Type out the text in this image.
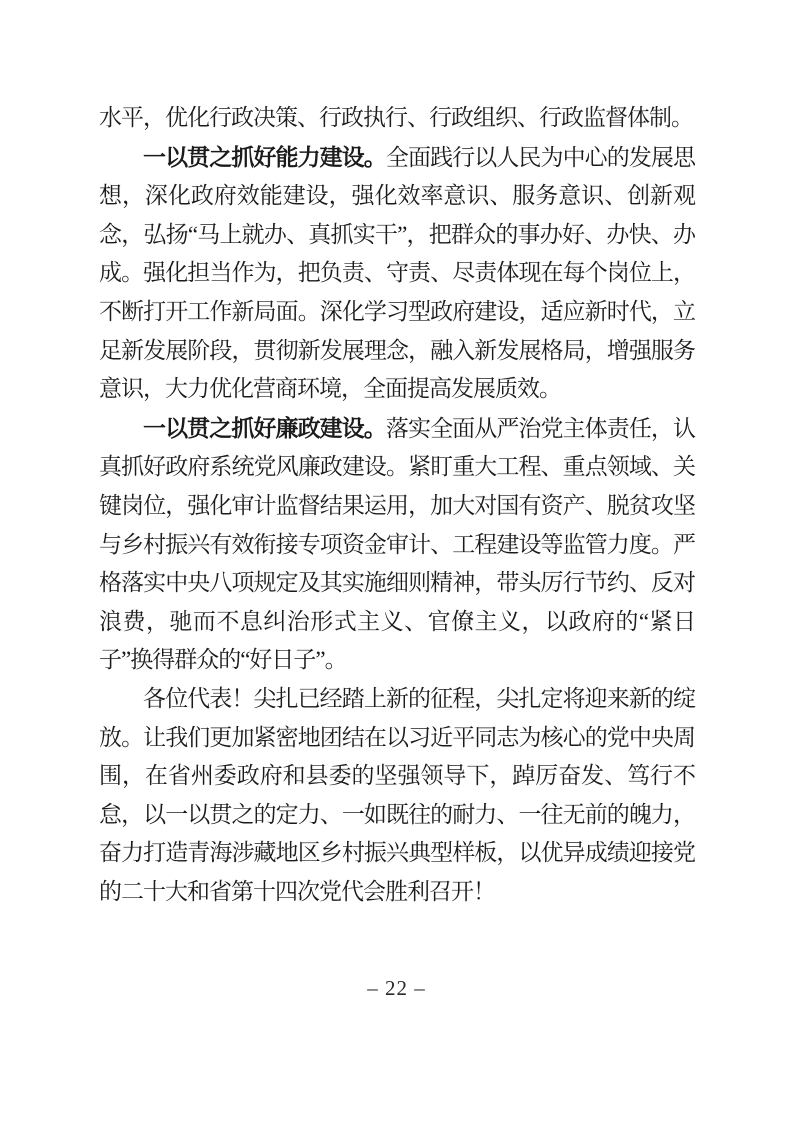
水平，优化行政决策、行政执行、行政组织、行政监督体制。

一以贯之抓好能力建设。全面践行以人民为中心的发展思想，深化政府效能建设，强化效率意识、服务意识、创新观念，弘扬“马上就办、真抓实干”，把群众的事办好、办快、办成。强化担当作为，把负责、守责、尽责体现在每个岗位上，不断打开工作新局面。深化学习型政府建设，适应新时代，立足新发展阶段，贯彻新发展理念，融入新发展格局，增强服务意识，大力优化营商环境，全面提高发展质效。

一以贯之抓好廉政建设。落实全面从严治党主体责任，认真抓好政府系统党风廉政建设。紧盯重大工程、重点领域、关键岗位，强化审计监督结果运用，加大对国有资产、脱贫攻坚与乡村振兴有效衔接专项资金审计、工程建设等监管力度。严格落实中央八项规定及其实施细则精神，带头厉行节约、反对浪费，驰而不息纠治形式主义、官僚主义，以政府的“紧日子”换得群众的“好日子”。

各位代表！尖扎已经踏上新的征程，尖扎定将迎来新的绽放。让我们更加紧密地团结在以习近平同志为核心的党中央周围，在省州委政府和县委的坚强领导下，踔厉奋发、笃行不怠，以一以贯之的定力、一如既往的耐力、一往无前的魄力，奋力打造青海涉藏地区乡村振兴典型样板，以优异成绩迎接党的二十大和省第十四次党代会胜利召开！

– 22 –
